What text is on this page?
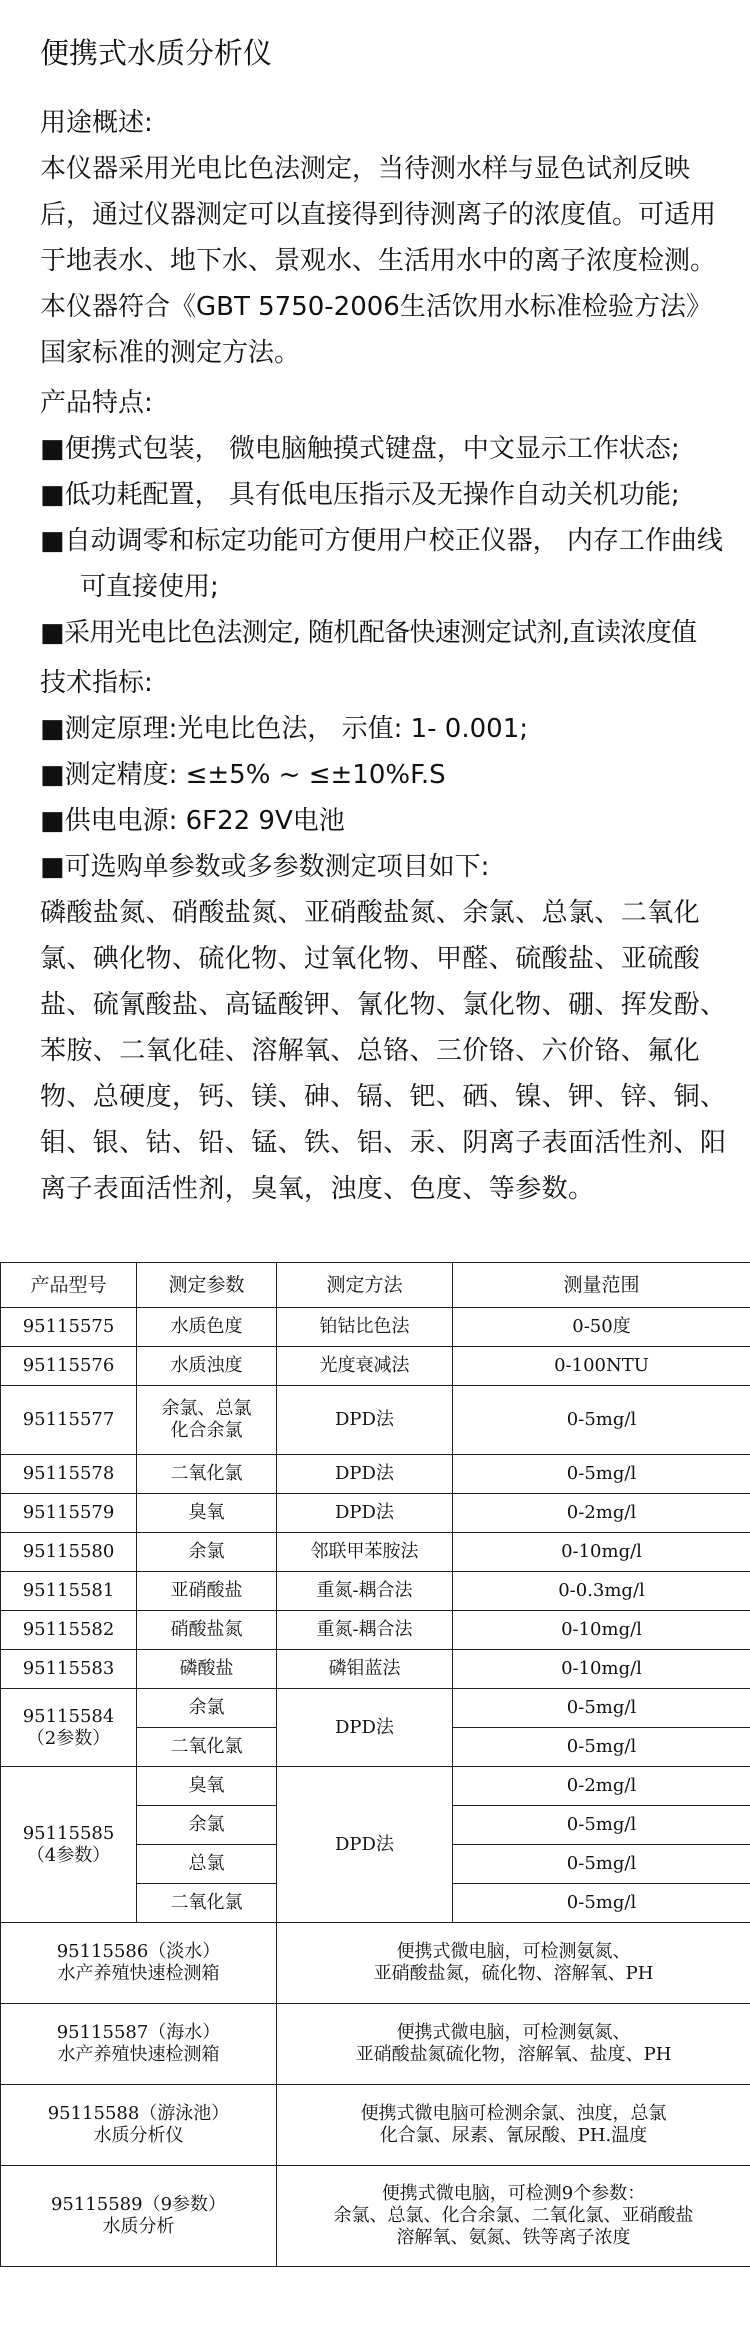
便携式水质分析仪

用途概述:

本仪器采用光电比色法测定，当待测水样与显色试剂反映后，通过仪器测定可以直接得到待测离子的浓度值。可适用于地表水、地下水、景观水、生活用水中的离子浓度检测。本仪器符合《GBT 5750-2006生活饮用水标准检验方法》国家标准的测定方法。

产品特点:

■便携式包装， 微电脑触摸式键盘，中文显示工作状态;
■低功耗配置， 具有低电压指示及无操作自动关机功能;
■自动调零和标定功能可方便用户校正仪器， 内存工作曲线可直接使用;
■采用光电比色法测定, 随机配备快速测定试剂,直读浓度值

技术指标:

■测定原理:光电比色法， 示值: 1- 0.001;
■测定精度: ≤±5% ~ ≤±10%F.S
■供电电源: 6F22 9V电池
■可选购单参数或多参数测定项目如下:

磷酸盐氮、硝酸盐氮、亚硝酸盐氮、余氯、总氯、二氧化氯、碘化物、硫化物、过氧化物、甲醛、硫酸盐、亚硫酸盐、硫氰酸盐、高锰酸钾、氰化物、氯化物、硼、挥发酚、苯胺、二氧化硅、溶解氧、总铬、三价铬、六价铬、氟化物、总硬度，钙、镁、砷、镉、钯、硒、镍、钾、锌、铜、钼、银、钴、铅、锰、铁、铝、汞、阴离子表面活性剂、阳离子表面活性剂，臭氧，浊度、色度、等参数。

产品型号	测定参数	测定方法	测量范围
95115575	水质色度	铂钴比色法	0-50度
95115576	水质浊度	光度衰减法	0-100NTU
95115577	余氯、总氯
化合余氯	DPD法	0-5mg/l
95115578	二氧化氯	DPD法	0-5mg/l
95115579	臭氧	DPD法	0-2mg/l
95115580	余氯	邻联甲苯胺法	0-10mg/l
95115581	亚硝酸盐	重氮-耦合法	0-0.3mg/l
95115582	硝酸盐氮	重氮-耦合法	0-10mg/l
95115583	磷酸盐	磷钼蓝法	0-10mg/l
95115584
（2参数）	余氯	DPD法	0-5mg/l
	二氧化氯		0-5mg/l
95115585
（4参数）	臭氧	DPD法	0-2mg/l
	余氯		0-5mg/l
	总氯		0-5mg/l
	二氧化氯		0-5mg/l
95115586（淡水）
水产养殖快速检测箱		便携式微电脑，可检测氨氮、
亚硝酸盐氮，硫化物、溶解氧、PH	
95115587（海水）
水产养殖快速检测箱		便携式微电脑，可检测氨氮、
亚硝酸盐氮硫化物，溶解氧、盐度、PH	
95115588（游泳池）
水质分析仪		便携式微电脑可检测余氯、浊度，总氯
化合氯、尿素、氰尿酸、PH.温度	
95115589（9参数）
水质分析		便携式微电脑，可检测9个参数：
余氯、总氯、化合余氯、二氧化氯、亚硝酸盐
溶解氧、氨氮、铁等离子浓度	
